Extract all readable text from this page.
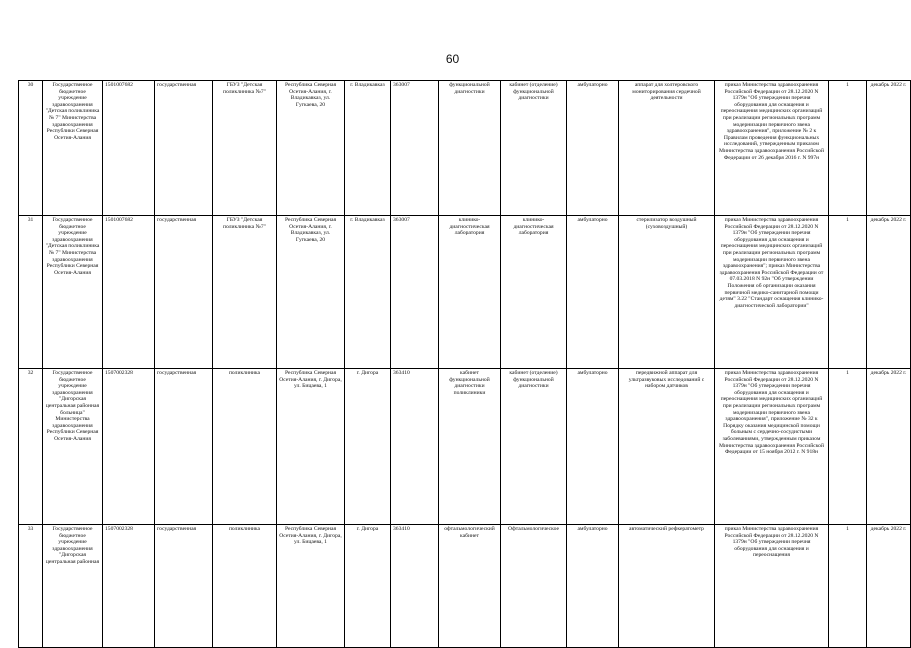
60
30	Государственное бюджетное учреждение здравоохранения "Детская поликлиника № 7" Министерства здравоохранения Республики Северная Осетия-Алания	1501007682	государственная	ГБУЗ "Детская поликлиника №7"	Республика Северная Осетия-Алания, г. Владикавказ, ул. Гугкаева, 20	г. Владикавказ	363007	функциональной диагностики	кабинет (отделение) функциональной диагностики	амбулаторно	аппарат для холтеровского мониторирования сердечной деятельности	приказ Министерства здравоохранения Российской Федерации от 28.12.2020 N 1379н "Об утверждении перечня оборудования для оснащения и переоснащения медицинских организаций при реализации региональных программ модернизации первичного звена здравоохранения", приложение № 2 к Правилам проведения функциональных исследований, утвержденным приказом Министерства здравоохранения Российской Федерации от 26 декабря 2016 г. N 997н	1	декабрь 2022 г.
31	Государственное бюджетное учреждение здравоохранения "Детская поликлиника № 7" Министерства здравоохранения Республики Северная Осетия-Алания	1501007682	государственная	ГБУЗ "Детская поликлиника №7"	Республика Северная Осетия-Алания, г. Владикавказ, ул. Гугкаева, 20	г. Владикавказ	363007	клинико-диагностическая лаборатория	клинико-диагностическая лаборатория	амбулаторно	стерилизатор воздушный (суховоздушный)	приказ Министерства здравоохранения Российской Федерации от 28.12.2020 N 1379н "Об утверждении перечня оборудования для оснащения и переоснащения медицинских организаций при реализации региональных программ модернизации первичного звена здравоохранения"; приказ Министерства здравоохранения Российской Федерации от 07.03.2018 N 92н "Об утверждении Положения об организации оказания первичной медико-санитарной помощи детям" 3.22 "Стандарт оснащения клинико-диагностической лаборатории"	1	декабрь 2022 г.
32	Государственное бюджетное учреждение здравоохранения "Дигорская центральная районная больница" Министерства здравоохранения Республики Северная Осетия-Алания	1507002328	государственная	поликлиника	Республика Северная Осетия-Алания, г. Дигора, ул. Бицаева, 1	г. Дигора	363410	кабинет функциональной диагностики поликлиники	кабинет (отделение) функциональной диагностики	амбулаторно	передвижной аппарат для ультразвуковых исследований с набором датчиков	приказ Министерства здравоохранения Российской Федерации от 28.12.2020 N 1379н "Об утверждении перечня оборудования для оснащения и переоснащения медицинских организаций при реализации региональных программ модернизации первичного звена здравоохранения", приложение № 32 к Порядку оказания медицинской помощи больным с сердечно-сосудистыми заболеваниями, утвержденным приказом Министерства здравоохранения Российской Федерации от 15 ноября 2012 г. N 918н	1	декабрь 2022 г.
33	Государственное бюджетное учреждение здравоохранения "Дигорская центральная районная	1507002328	государственная	поликлиника	Республика Северная Осетия-Алания, г. Дигора, ул. Бицаева, 1	г. Дигора	363410	офтальмологический кабинет	Офтальмологическое	амбулаторно	автоматический рефкератометр	приказ Министерства здравоохранения Российской Федерации от 28.12.2020 N 1379н "Об утверждении перечня оборудования для оснащения и переоснащения	1	декабрь 2022 г.
